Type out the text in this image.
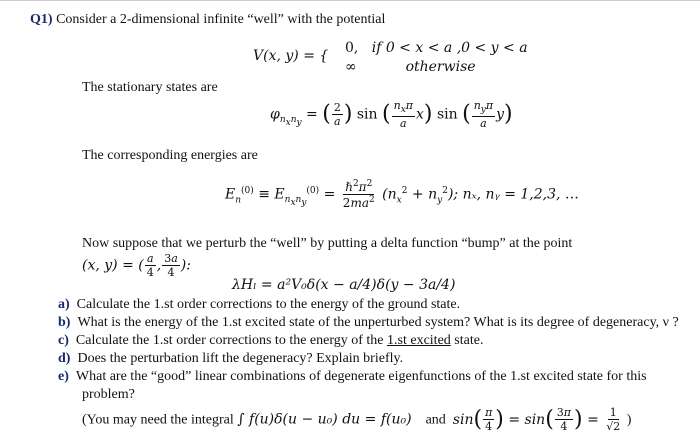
Q1) Consider a 2-dimensional infinite “well” with the potential
V(x, y) = { 0, if 0 < x < a ,0 < y < a
∞	otherwise
The stationary states are
$\varphi_{n_xn_y}$ = ( $\frac{2}{a}$ ) sin ( $\frac{n_x\pi}{a} x$) sin ( $\frac{n_y\pi}{a} y$)
The corresponding energies are
$E_n^{(0)} \equiv E_{n_xn_y}^{(0)} = \frac{\hbar^2\pi^2}{2ma^2} (n_x^2 + n_y^2)$; nₓ, nᵧ = 1,2,3, …
Now suppose that we perturb the “well” by putting a delta function “bump” at the point
(x, y) = ( $\frac{a}{4}$ , $\frac{3a}{4}$ ):
λHₗ = a²V₀δ(x − a/4)δ(y − 3a/4)
a) Calculate the 1.st order corrections to the energy of the ground state.
b) What is the energy of the 1.st excited state of the unperturbed system? What is its degree of degeneracy, ν ?
c) Calculate the 1.st order corrections to the energy of the 1.st excited state.
d) Does the perturbation lift the degeneracy? Explain briefly.
e) What are the “good” linear combinations of degenerate eigenfunctions of the 1.st excited state for this
problem?
(You may need the integral ∫ f(u)δ(u − u₀) du = f(u₀) and $\sin( \frac{\pi}{4}$ ) = $\sin( \frac{3\pi}{4}$ ) = $\frac{1}{√2}$ )
